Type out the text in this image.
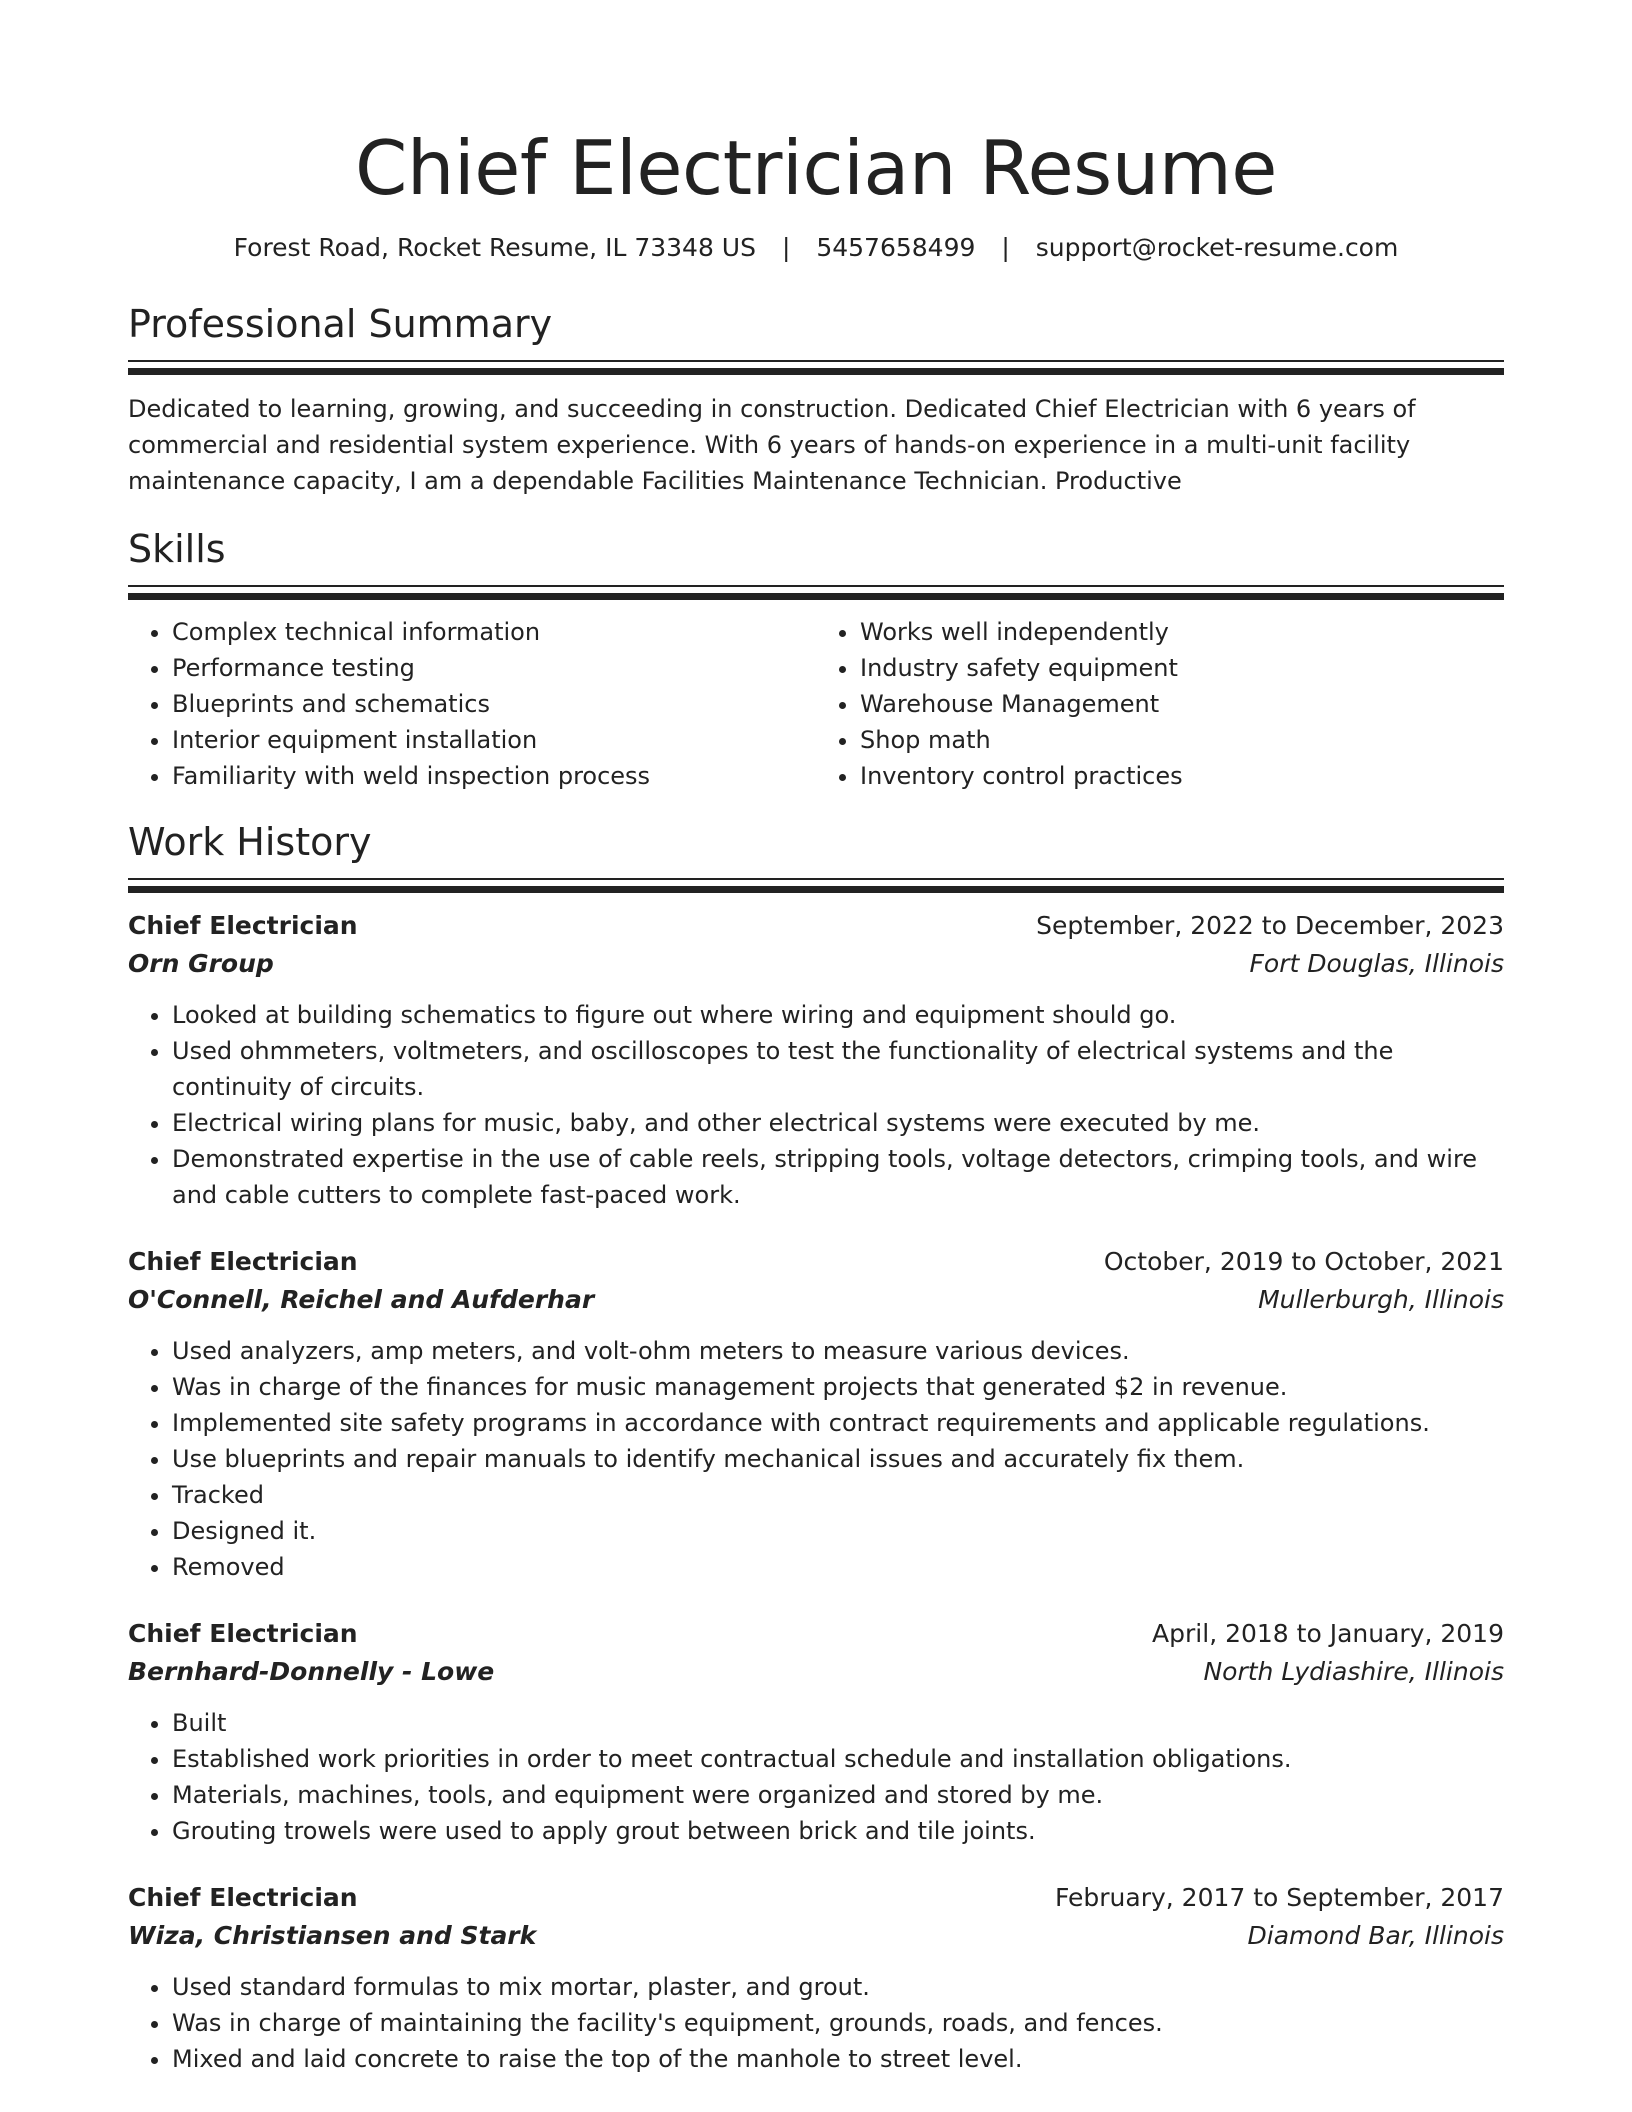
Chief Electrician Resume
Forest Road, Rocket Resume, IL 73348 US | 5457658499 | support@rocket-resume.com
Professional Summary
Dedicated to learning, growing, and succeeding in construction. Dedicated Chief Electrician with 6 years of commercial and residential system experience. With 6 years of hands-on experience in a multi-unit facility maintenance capacity, I am a dependable Facilities Maintenance Technician. Productive
Skills
• Complex technical information
• Performance testing
• Blueprints and schematics
• Interior equipment installation
• Familiarity with weld inspection process
• Works well independently
• Industry safety equipment
• Warehouse Management
• Shop math
• Inventory control practices
Work History
Chief Electrician	September, 2022 to December, 2023
Orn Group	Fort Douglas, Illinois
• Looked at building schematics to figure out where wiring and equipment should go.
• Used ohmmeters, voltmeters, and oscilloscopes to test the functionality of electrical systems and the continuity of circuits.
• Electrical wiring plans for music, baby, and other electrical systems were executed by me.
• Demonstrated expertise in the use of cable reels, stripping tools, voltage detectors, crimping tools, and wire and cable cutters to complete fast-paced work.
Chief Electrician	October, 2019 to October, 2021
O'Connell, Reichel and Aufderhar	Mullerburgh, Illinois
• Used analyzers, amp meters, and volt-ohm meters to measure various devices.
• Was in charge of the finances for music management projects that generated $2 in revenue.
• Implemented site safety programs in accordance with contract requirements and applicable regulations.
• Use blueprints and repair manuals to identify mechanical issues and accurately fix them.
• Tracked
• Designed it.
• Removed
Chief Electrician	April, 2018 to January, 2019
Bernhard-Donnelly - Lowe	North Lydiashire, Illinois
• Built
• Established work priorities in order to meet contractual schedule and installation obligations.
• Materials, machines, tools, and equipment were organized and stored by me.
• Grouting trowels were used to apply grout between brick and tile joints.
Chief Electrician	February, 2017 to September, 2017
Wiza, Christiansen and Stark	Diamond Bar, Illinois
• Used standard formulas to mix mortar, plaster, and grout.
• Was in charge of maintaining the facility's equipment, grounds, roads, and fences.
• Mixed and laid concrete to raise the top of the manhole to street level.
